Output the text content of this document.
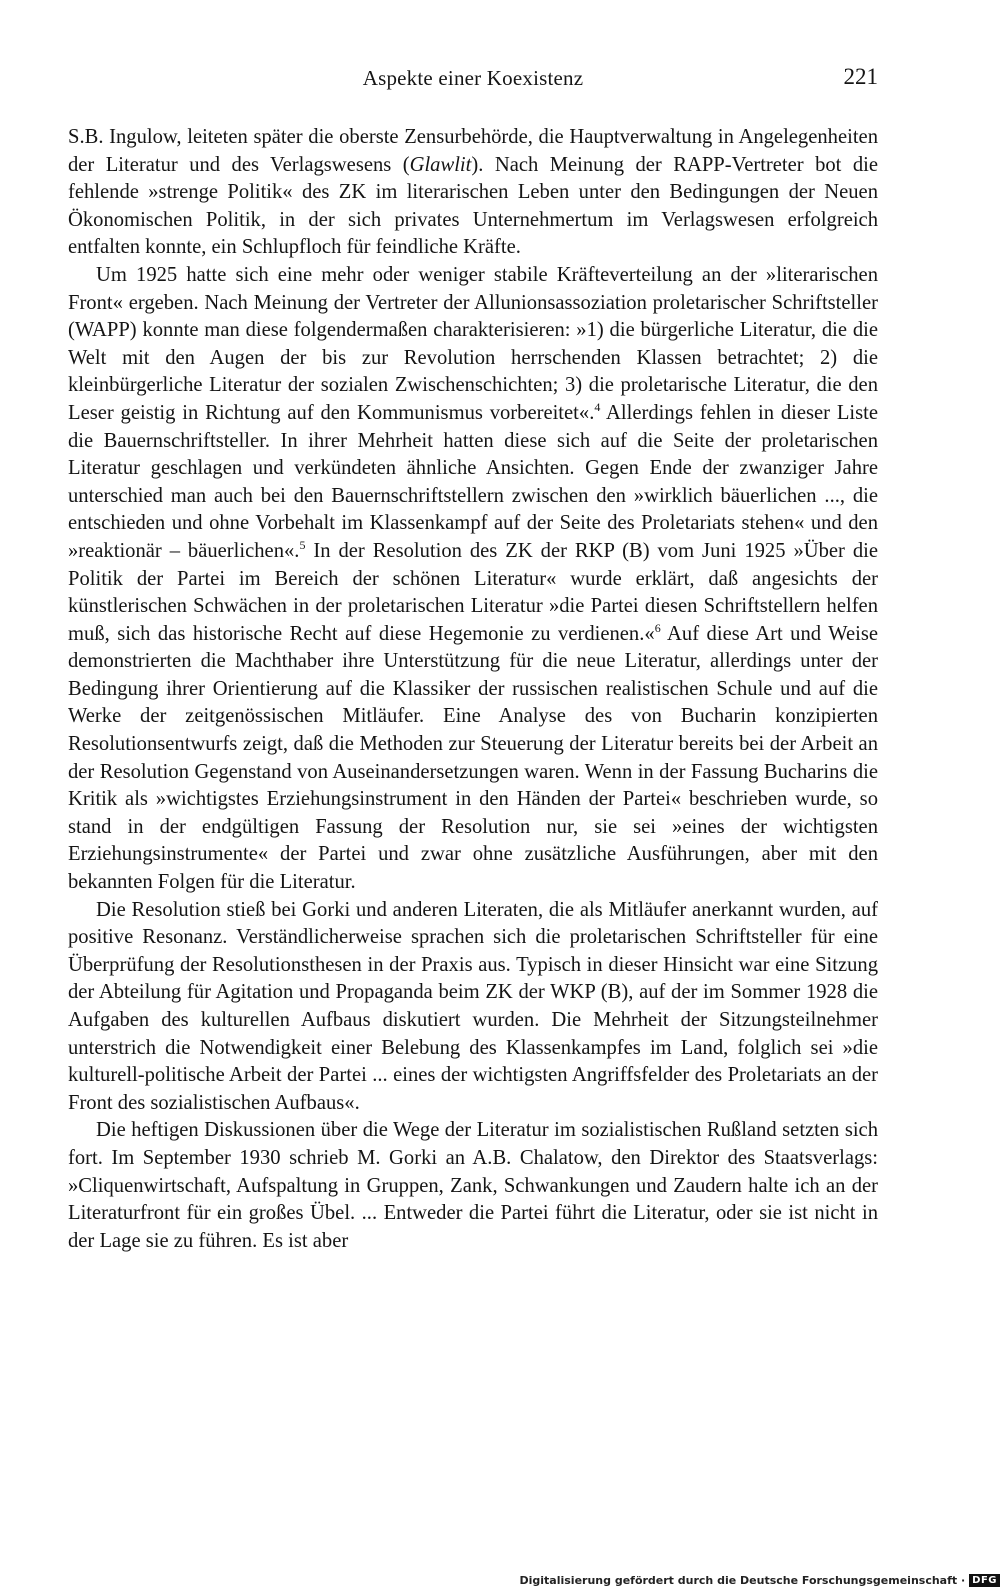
Aspekte einer Koexistenz	221

S.B. Ingulow, leiteten später die oberste Zensurbehörde, die Hauptverwaltung in Angelegenheiten der Literatur und des Verlagswesens (Glawlit). Nach Meinung der RAPP-Vertreter bot die fehlende »strenge Politik« des ZK im literarischen Leben unter den Bedingungen der Neuen Ökonomischen Politik, in der sich privates Unternehmertum im Verlagswesen erfolgreich entfalten konnte, ein Schlupfloch für feindliche Kräfte.

Um 1925 hatte sich eine mehr oder weniger stabile Kräfteverteilung an der »literarischen Front« ergeben. Nach Meinung der Vertreter der Allunionsassoziation proletarischer Schriftsteller (WAPP) konnte man diese folgendermaßen charakterisieren: »1) die bürgerliche Literatur, die die Welt mit den Augen der bis zur Revolution herrschenden Klassen betrachtet; 2) die kleinbürgerliche Literatur der sozialen Zwischenschichten; 3) die proletarische Literatur, die den Leser geistig in Richtung auf den Kommunismus vorbereitet«.$^4$ Allerdings fehlen in dieser Liste die Bauernschriftsteller. In ihrer Mehrheit hatten diese sich auf die Seite der proletarischen Literatur geschlagen und verkündeten ähnliche Ansichten. Gegen Ende der zwanziger Jahre unterschied man auch bei den Bauernschriftstellern zwischen den »wirklich bäuerlichen ..., die entschieden und ohne Vorbehalt im Klassenkampf auf der Seite des Proletariats stehen« und den »reaktionär – bäuerlichen«.$^5$ In der Resolution des ZK der RKP (B) vom Juni 1925 »Über die Politik der Partei im Bereich der schönen Literatur« wurde erklärt, daß angesichts der künstlerischen Schwächen in der proletarischen Literatur »die Partei diesen Schriftstellern helfen muß, sich das historische Recht auf diese Hegemonie zu verdienen.«$^6$ Auf diese Art und Weise demonstrierten die Machthaber ihre Unterstützung für die neue Literatur, allerdings unter der Bedingung ihrer Orientierung auf die Klassiker der russischen realistischen Schule und auf die Werke der zeitgenössischen Mitläufer. Eine Analyse des von Bucharin konzipierten Resolutionsentwurfs zeigt, daß die Methoden zur Steuerung der Literatur bereits bei der Arbeit an der Resolution Gegenstand von Auseinandersetzungen waren. Wenn in der Fassung Bucharins die Kritik als »wichtigstes Erziehungsinstrument in den Händen der Partei« beschrieben wurde, so stand in der endgültigen Fassung der Resolution nur, sie sei »eines der wichtigsten Erziehungsinstrumente« der Partei und zwar ohne zusätzliche Ausführungen, aber mit den bekannten Folgen für die Literatur.

Die Resolution stieß bei Gorki und anderen Literaten, die als Mitläufer anerkannt wurden, auf positive Resonanz. Verständlicherweise sprachen sich die proletarischen Schriftsteller für eine Überprüfung der Resolutionsthesen in der Praxis aus. Typisch in dieser Hinsicht war eine Sitzung der Abteilung für Agitation und Propaganda beim ZK der WKP (B), auf der im Sommer 1928 die Aufgaben des kulturellen Aufbaus diskutiert wurden. Die Mehrheit der Sitzungsteilnehmer unterstrich die Notwendigkeit einer Belebung des Klassenkampfes im Land, folglich sei »die kulturell-politische Arbeit der Partei ... eines der wichtigsten Angriffsfelder des Proletariats an der Front des sozialistischen Aufbaus«.

Die heftigen Diskussionen über die Wege der Literatur im sozialistischen Rußland setzten sich fort. Im September 1930 schrieb M. Gorki an A.B. Chalatow, den Direktor des Staatsverlags: »Cliquenwirtschaft, Aufspaltung in Gruppen, Zank, Schwankungen und Zaudern halte ich an der Literaturfront für ein großes Übel. ... Entweder die Partei führt die Literatur, oder sie ist nicht in der Lage sie zu führen. Es ist aber

Digitalisierung gefördert durch die Deutsche Forschungsgemeinschaft · DFG
